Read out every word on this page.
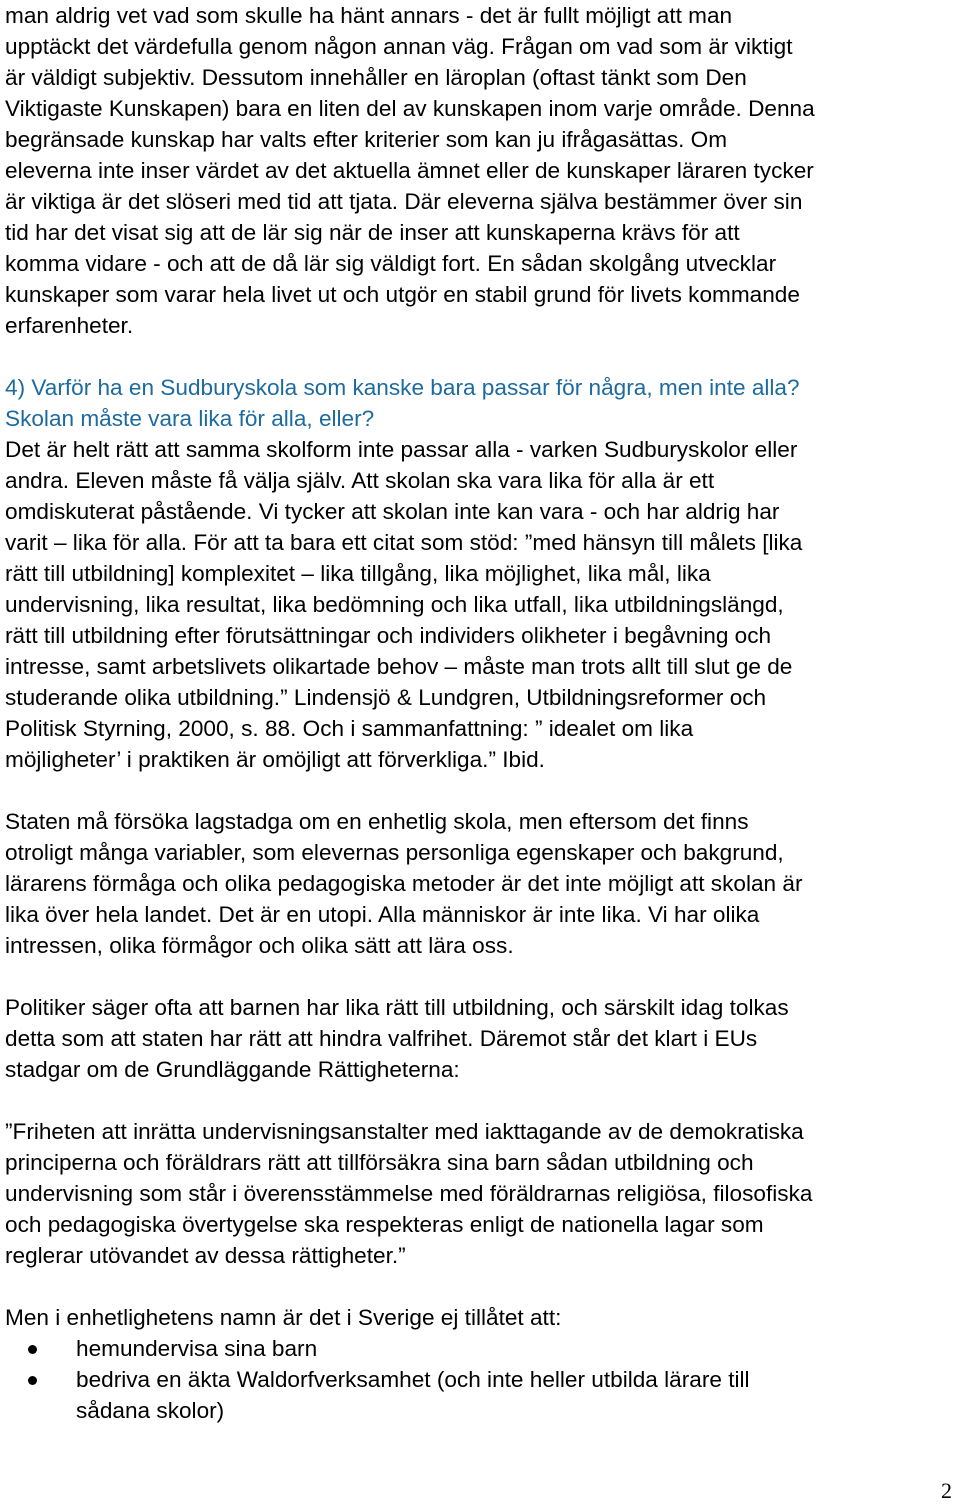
man aldrig vet vad som skulle ha hänt annars - det är fullt möjligt att man
upptäckt det värdefulla genom någon annan väg. Frågan om vad som är viktigt
är väldigt subjektiv. Dessutom innehåller en läroplan (oftast tänkt som Den
Viktigaste Kunskapen) bara en liten del av kunskapen inom varje område. Denna
begränsade kunskap har valts efter kriterier som kan ju ifrågasättas. Om
eleverna inte inser värdet av det aktuella ämnet eller de kunskaper läraren tycker
är viktiga är det slöseri med tid att tjata. Där eleverna själva bestämmer över sin
tid har det visat sig att de lär sig när de inser att kunskaperna krävs för att
komma vidare - och att de då lär sig väldigt fort. En sådan skolgång utvecklar
kunskaper som varar hela livet ut och utgör en stabil grund för livets kommande
erfarenheter.
4) Varför ha en Sudburyskola som kanske bara passar för några, men inte alla?
Skolan måste vara lika för alla, eller?
Det är helt rätt att samma skolform inte passar alla - varken Sudburyskolor eller
andra. Eleven måste få välja själv. Att skolan ska vara lika för alla är ett
omdiskuterat påstående. Vi tycker att skolan inte kan vara - och har aldrig har
varit – lika för alla. För att ta bara ett citat som stöd: ”med hänsyn till målets [lika
rätt till utbildning] komplexitet – lika tillgång, lika möjlighet, lika mål, lika
undervisning, lika resultat, lika bedömning och lika utfall, lika utbildningslängd,
rätt till utbildning efter förutsättningar och individers olikheter i begåvning och
intresse, samt arbetslivets olikartade behov – måste man trots allt till slut ge de
studerande olika utbildning.” Lindensjö & Lundgren, Utbildningsreformer och
Politisk Styrning, 2000, s. 88. Och i sammanfattning: ” idealet om lika
möjligheter’ i praktiken är omöjligt att förverkliga.” Ibid.
Staten må försöka lagstadga om en enhetlig skola, men eftersom det finns
otroligt många variabler, som elevernas personliga egenskaper och bakgrund,
lärarens förmåga och olika pedagogiska metoder är det inte möjligt att skolan är
lika över hela landet. Det är en utopi. Alla människor är inte lika. Vi har olika
intressen, olika förmågor och olika sätt att lära oss.
Politiker säger ofta att barnen har lika rätt till utbildning, och särskilt idag tolkas
detta som att staten har rätt att hindra valfrihet. Däremot står det klart i EUs
stadgar om de Grundläggande Rättigheterna:
”Friheten att inrätta undervisningsanstalter med iakttagande av de demokratiska
principerna och föräldrars rätt att tillförsäkra sina barn sådan utbildning och
undervisning som står i överensstämmelse med föräldrarnas religiösa, filosofiska
och pedagogiska övertygelse ska respekteras enligt de nationella lagar som
reglerar utövandet av dessa rättigheter.”
Men i enhetlighetens namn är det i Sverige ej tillåtet att:
hemundervisa sina barn
bedriva en äkta Waldorfverksamhet (och inte heller utbilda lärare till
sådana skolor)
2
